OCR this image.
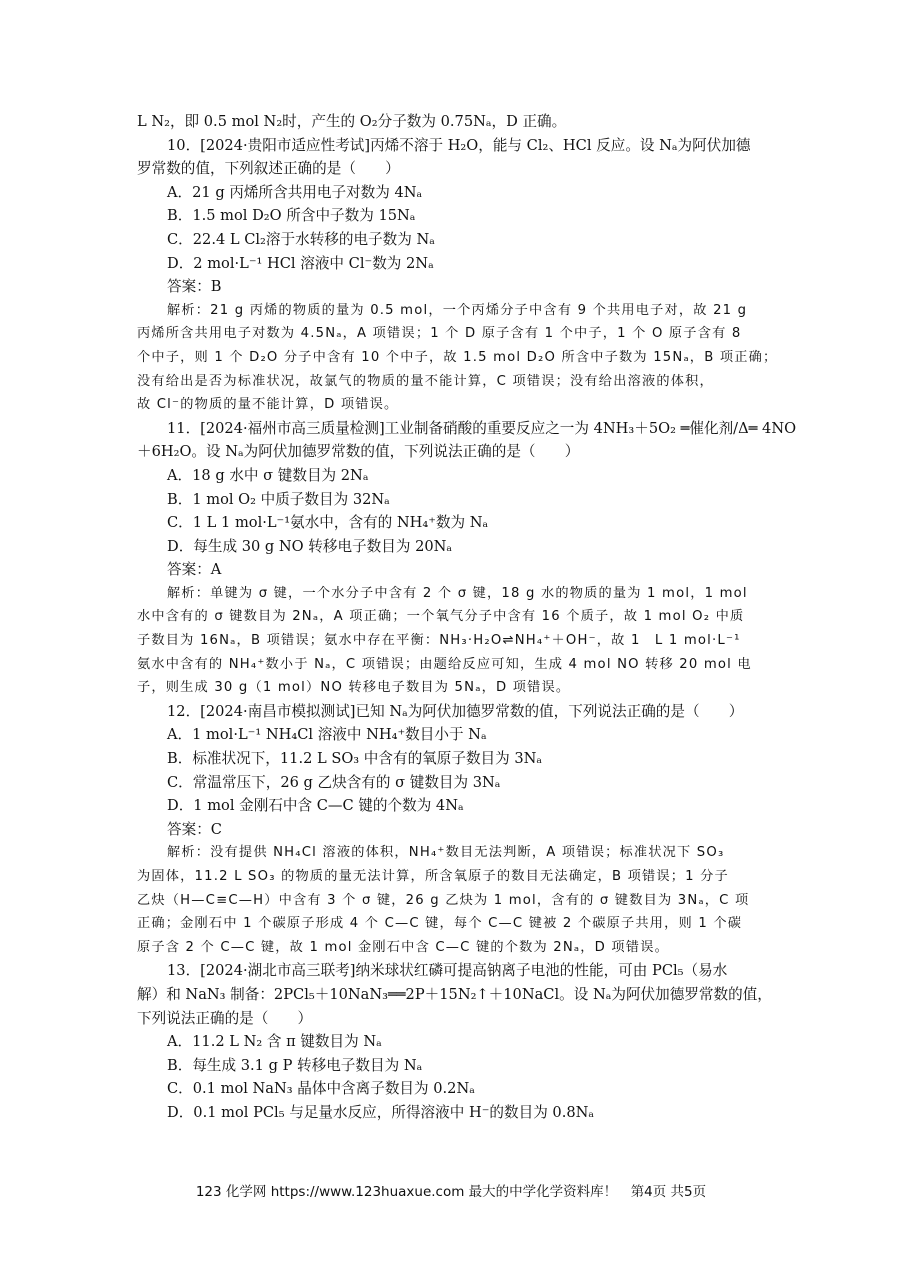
L N₂，即 0.5 mol N₂时，产生的 O₂分子数为 0.75Nₐ，D 正确。
10．[2024·贵阳市适应性考试]丙烯不溶于 H₂O，能与 Cl₂、HCl 反应。设 Nₐ为阿伏加德
罗常数的值，下列叙述正确的是（　　）
A．21 g 丙烯所含共用电子对数为 4Nₐ
B．1.5 mol D₂O 所含中子数为 15Nₐ
C．22.4 L Cl₂溶于水转移的电子数为 Nₐ
D．2 mol·L⁻¹ HCl 溶液中 Cl⁻数为 2Nₐ
答案：B
解析：21 g 丙烯的物质的量为 0.5 mol，一个丙烯分子中含有 9 个共用电子对，故 21 g
丙烯所含共用电子对数为 4.5Nₐ，A 项错误；1 个 D 原子含有 1 个中子，1 个 O 原子含有 8
个中子，则 1 个 D₂O 分子中含有 10 个中子，故 1.5 mol D₂O 所含中子数为 15Nₐ，B 项正确；
没有给出是否为标准状况，故氯气的物质的量不能计算，C 项错误；没有给出溶液的体积，
故 Cl⁻的物质的量不能计算，D 项错误。
11．[2024·福州市高三质量检测]工业制备硝酸的重要反应之一为 4NH₃＋5O₂ ═催化剂/Δ═ 4NO
＋6H₂O。设 Nₐ为阿伏加德罗常数的值，下列说法正确的是（　　）
A．18 g 水中 σ 键数目为 2Nₐ
B．1 mol O₂ 中质子数目为 32Nₐ
C．1 L 1 mol·L⁻¹氨水中，含有的 NH₄⁺数为 Nₐ
D．每生成 30 g NO 转移电子数目为 20Nₐ
答案：A
解析：单键为 σ 键，一个水分子中含有 2 个 σ 键，18 g 水的物质的量为 1 mol，1 mol
水中含有的 σ 键数目为 2Nₐ，A 项正确；一个氧气分子中含有 16 个质子，故 1 mol O₂ 中质
子数目为 16Nₐ，B 项错误；氨水中存在平衡：NH₃·H₂O⇌NH₄⁺＋OH⁻，故 1　L 1 mol·L⁻¹
氨水中含有的 NH₄⁺数小于 Nₐ，C 项错误；由题给反应可知，生成 4 mol NO 转移 20 mol 电
子，则生成 30 g（1 mol）NO 转移电子数目为 5Nₐ，D 项错误。
12．[2024·南昌市模拟测试]已知 Nₐ为阿伏加德罗常数的值，下列说法正确的是（　　）
A．1 mol·L⁻¹ NH₄Cl 溶液中 NH₄⁺数目小于 Nₐ
B．标准状况下，11.2 L SO₃ 中含有的氧原子数目为 3Nₐ
C．常温常压下，26 g 乙炔含有的 σ 键数目为 3Nₐ
D．1 mol 金刚石中含 C—C 键的个数为 4Nₐ
答案：C
解析：没有提供 NH₄Cl 溶液的体积，NH₄⁺数目无法判断，A 项错误；标准状况下 SO₃
为固体，11.2 L SO₃ 的物质的量无法计算，所含氧原子的数目无法确定，B 项错误；1 分子
乙炔（H—C≡C—H）中含有 3 个 σ 键，26 g 乙炔为 1 mol，含有的 σ 键数目为 3Nₐ，C 项
正确；金刚石中 1 个碳原子形成 4 个 C—C 键，每个 C—C 键被 2 个碳原子共用，则 1 个碳
原子含 2 个 C—C 键，故 1 mol 金刚石中含 C—C 键的个数为 2Nₐ，D 项错误。
13．[2024·湖北市高三联考]纳米球状红磷可提高钠离子电池的性能，可由 PCl₅（易水
解）和 NaN₃ 制备：2PCl₅＋10NaN₃══2P＋15N₂↑＋10NaCl。设 Nₐ为阿伏加德罗常数的值，
下列说法正确的是（　　）
A．11.2 L N₂ 含 π 键数目为 Nₐ
B．每生成 3.1 g P 转移电子数目为 Nₐ
C．0.1 mol NaN₃ 晶体中含离子数目为 0.2Nₐ
D．0.1 mol PCl₅ 与足量水反应，所得溶液中 H⁻的数目为 0.8Nₐ
123 化学网 https://www.123huaxue.com 最大的中学化学资料库！　第4页 共5页
